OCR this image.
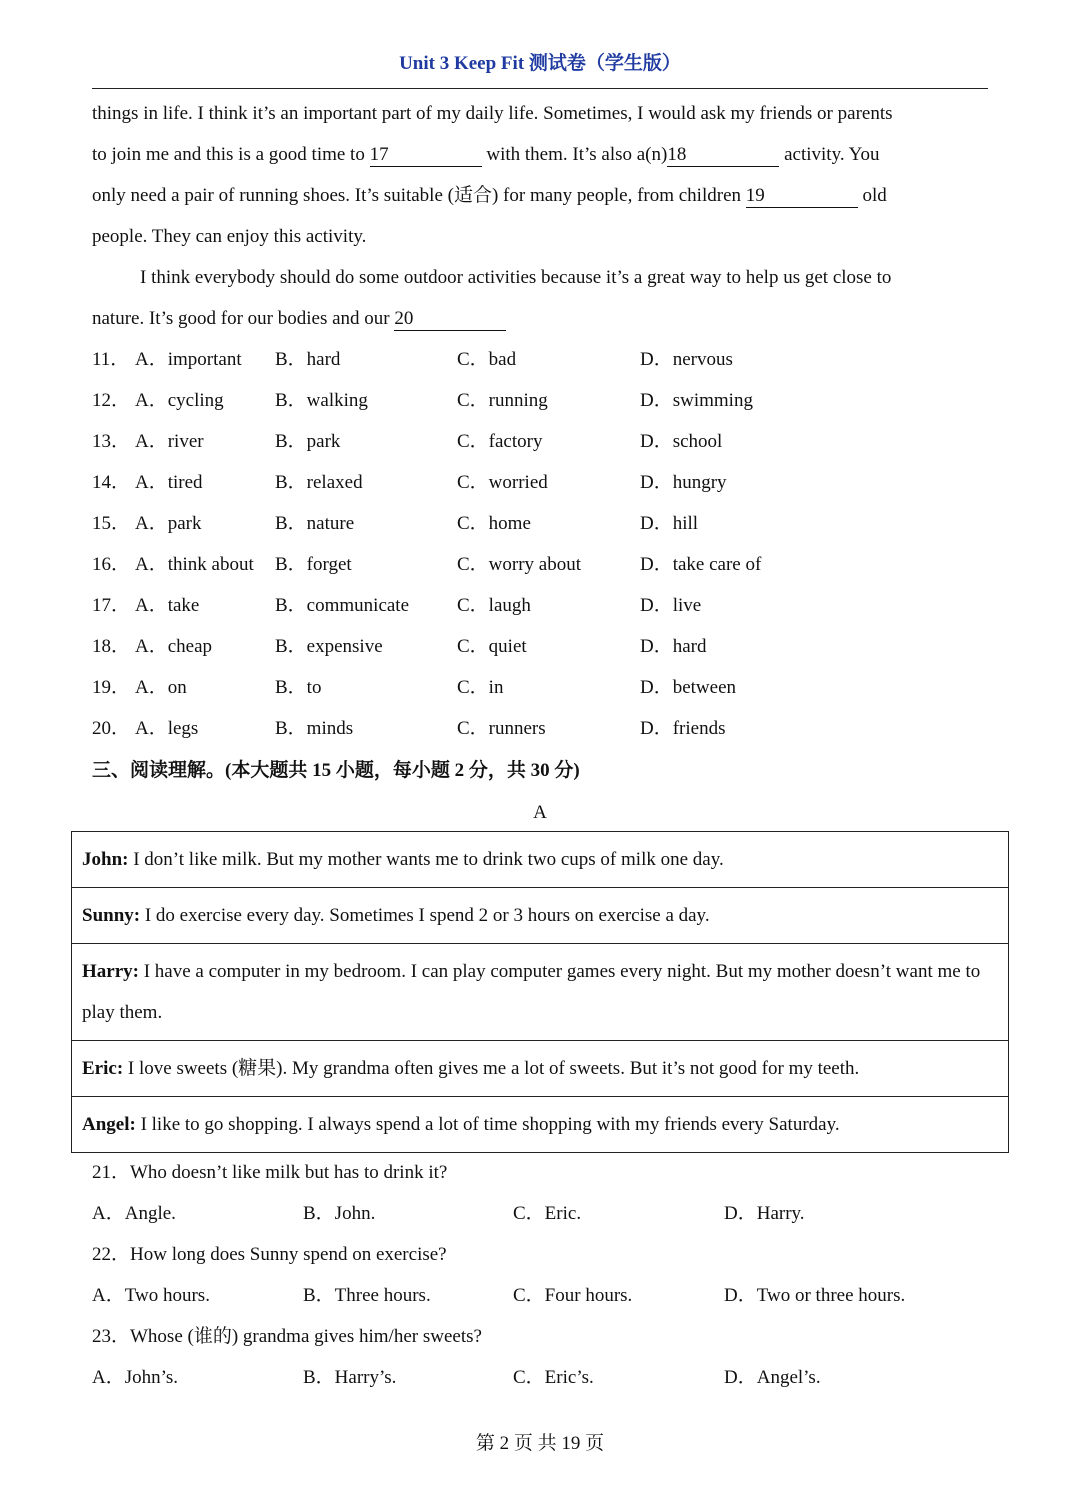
Unit 3 Keep Fit 测试卷（学生版）

things in life. I think it’s an important part of my daily life. Sometimes, I would ask my friends or parents

to join me and this is a good time to 17	with them. It’s also a(n)18	activity. You

only need a pair of running shoes. It’s suitable (适合) for many people, from children 19	old

people. They can enjoy this activity.

I think everybody should do some outdoor activities because it’s a great way to help us get close to

nature. It’s good for our bodies and our 20

11． A．important B．hard	C．bad	D．nervous
12． A．cycling	B．walking	C．running	D．swimming
13． A．river	B．park	C．factory	D．school
14． A．tired	B．relaxed	C．worried	D．hungry
15． A．park	B．nature	C．home	D．hill
16． A．think about B．forget	C．worry about	D．take care of
17． A．take	B．communicate	C．laugh	D．live
18． A．cheap	B．expensive	C．quiet	D．hard
19． A．on	B．to	C．in	D．between
20． A．legs	B．minds	C．runners	D．friends
三、阅读理解。(本大题共 15 小题，每小题 2 分，共 30 分)
A
John: I don’t like milk. But my mother wants me to drink two cups of milk one day.
Sunny: I do exercise every day. Sometimes I spend 2 or 3 hours on exercise a day.
Harry: I have a computer in my bedroom. I can play computer games every night. But my mother doesn’t want me to play them.
Eric: I love sweets (糖果). My grandma often gives me a lot of sweets. But it’s not good for my teeth.
Angel: I like to go shopping. I always spend a lot of time shopping with my friends every Saturday.
21．Who doesn’t like milk but has to drink it?
A．Angle.	B．John.	C．Eric.	D．Harry.
22．How long does Sunny spend on exercise?
A．Two hours.	B．Three hours.	C．Four hours.	D．Two or three hours.
23．Whose (谁的) grandma gives him/her sweets?
A．John’s.	B．Harry’s.	C．Eric’s.	D．Angel’s.
第 2 页 共 19 页
